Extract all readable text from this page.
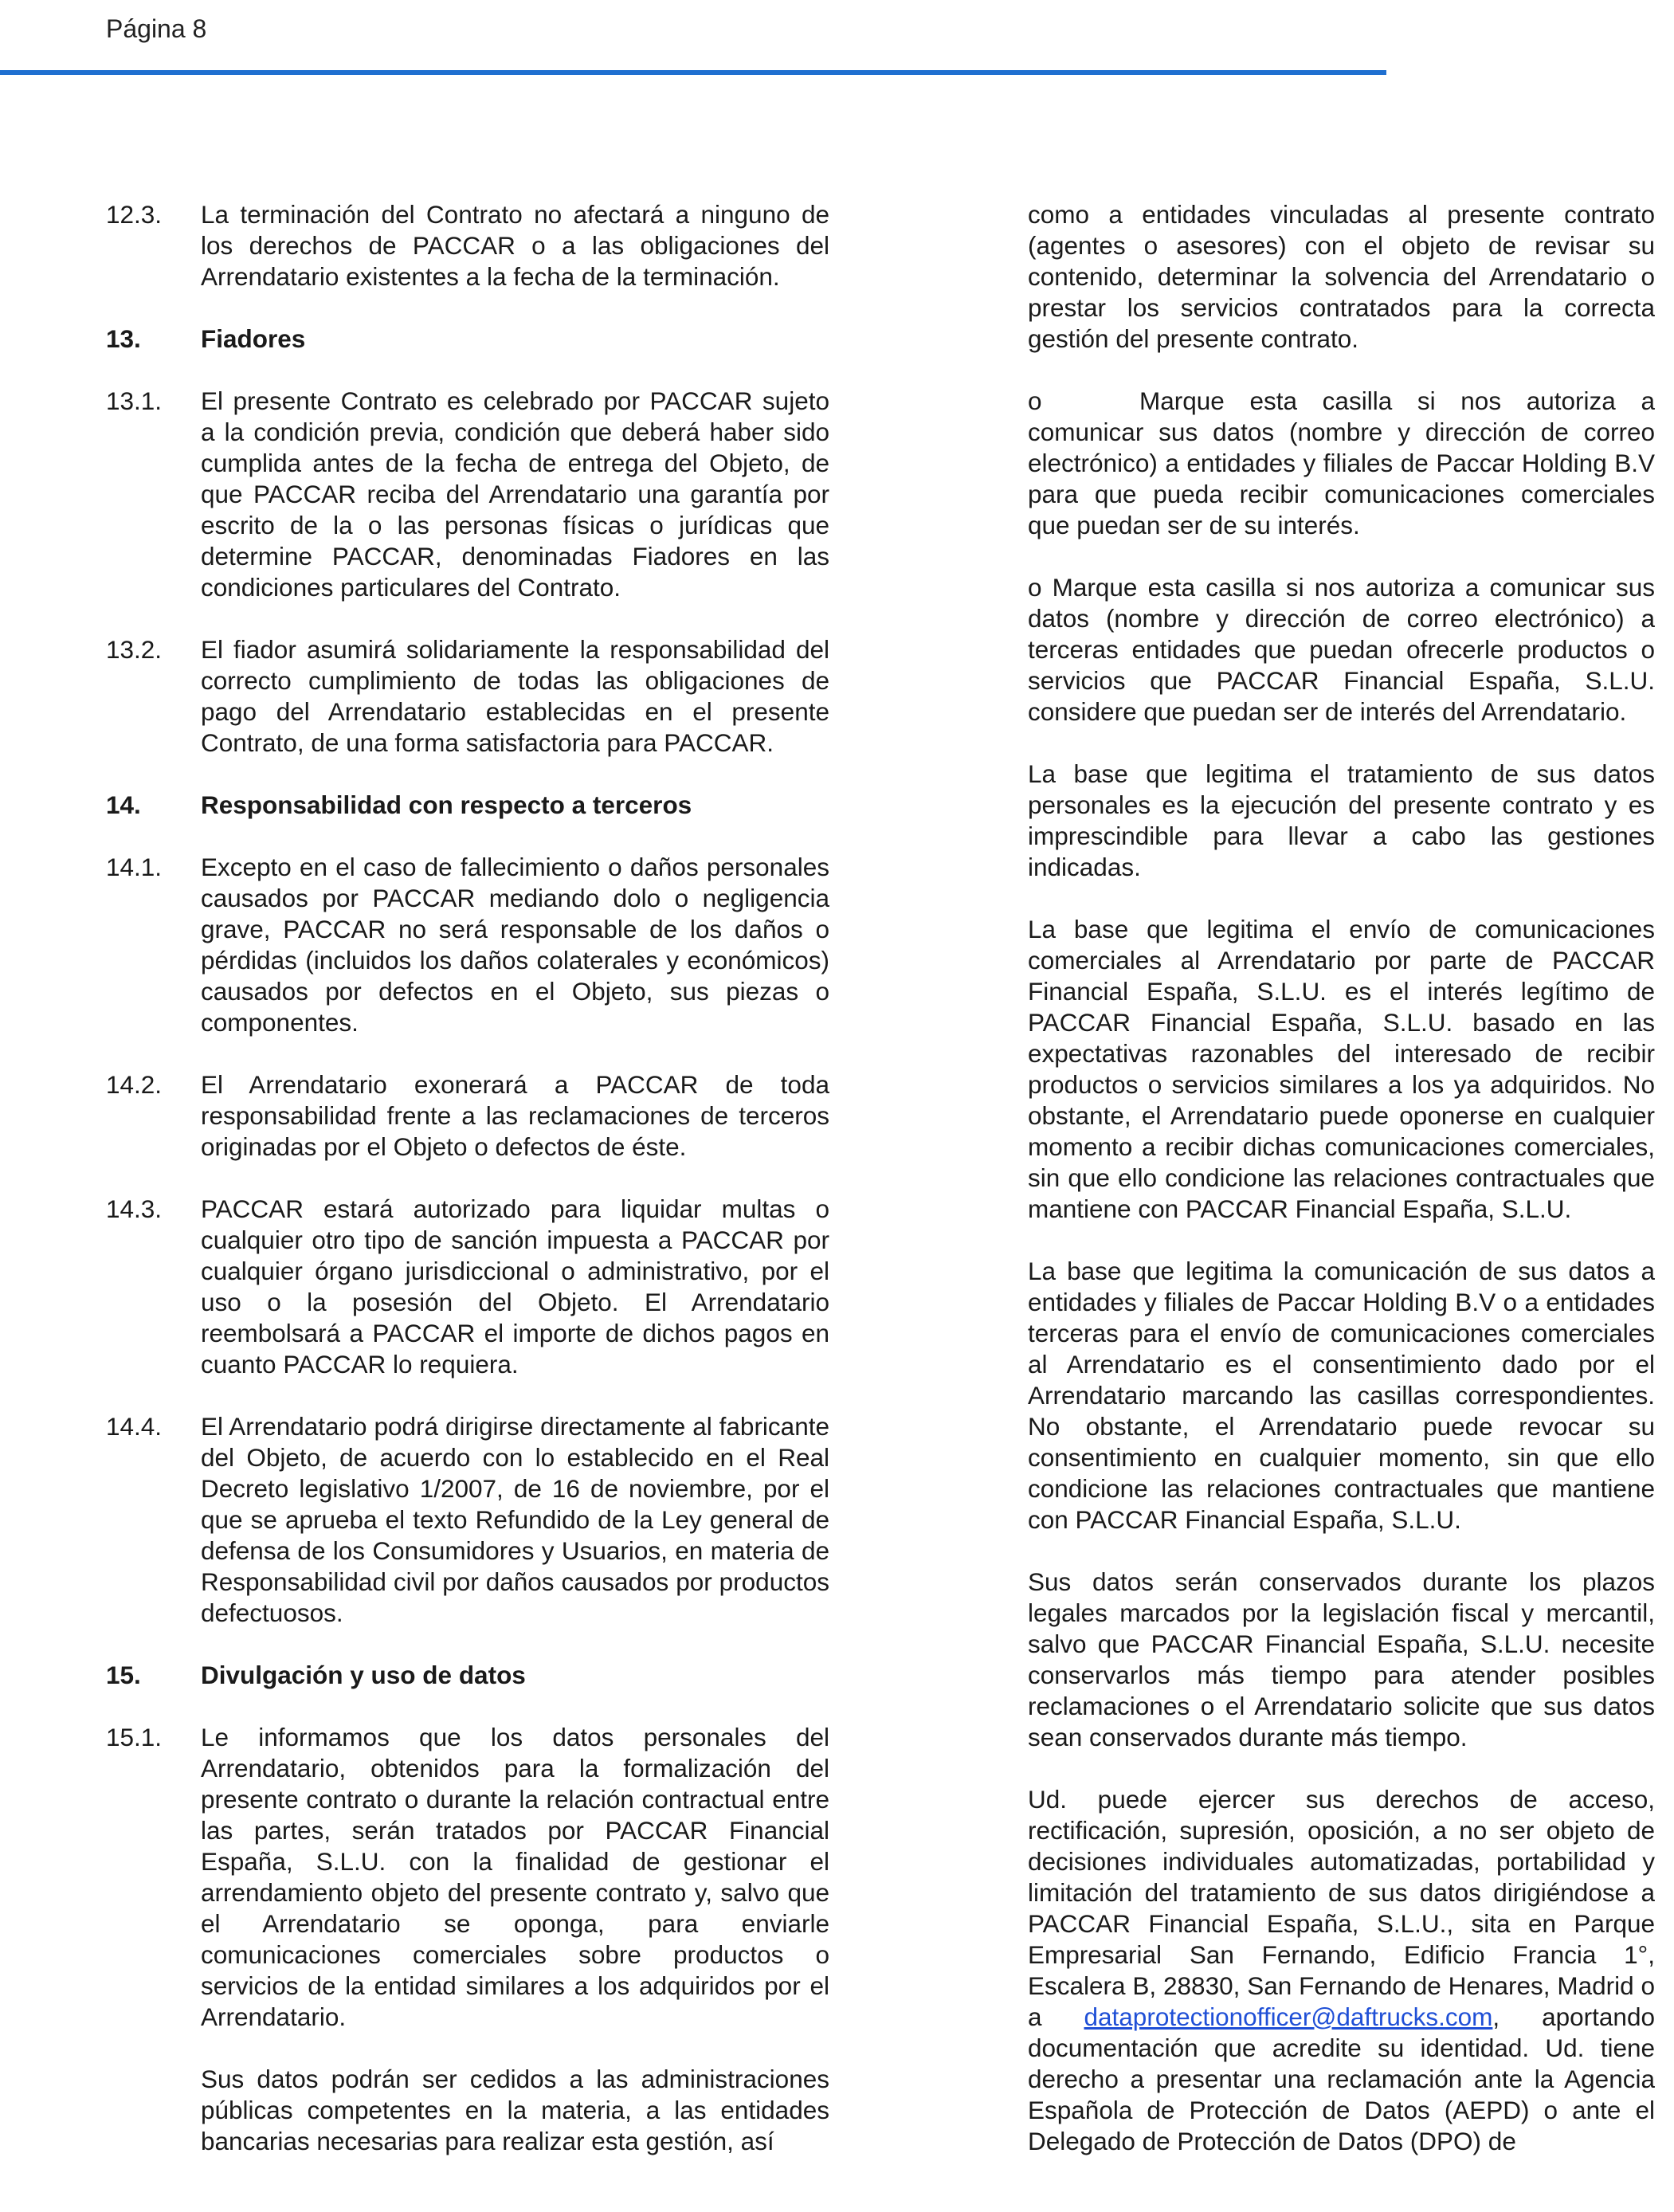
Página 8
12.3.	La terminación del Contrato no afectará a ninguno de los derechos de PACCAR o a las obligaciones del Arrendatario existentes a la fecha de la terminación.

13.	Fiadores
13.1.	El presente Contrato es celebrado por PACCAR sujeto a la condición previa, condición que deberá haber sido cumplida antes de la fecha de entrega del Objeto, de que PACCAR reciba del Arrendatario una garantía por escrito de la o las personas físicas o jurídicas que determine PACCAR, denominadas Fiadores en las condiciones particulares del Contrato.

13.2.	El fiador asumirá solidariamente la responsabilidad del correcto cumplimiento de todas las obligaciones de pago del Arrendatario establecidas en el presente Contrato, de una forma satisfactoria para PACCAR.

14.	Responsabilidad con respecto a terceros
14.1.	Excepto en el caso de fallecimiento o daños personales causados por PACCAR mediando dolo o negligencia grave, PACCAR no será responsable de los daños o pérdidas (incluidos los daños colaterales y económicos) causados por defectos en el Objeto, sus piezas o componentes.

14.2.	El Arrendatario exonerará a PACCAR de toda responsabilidad frente a las reclamaciones de terceros originadas por el Objeto o defectos de éste.

14.3.	PACCAR estará autorizado para liquidar multas o cualquier otro tipo de sanción impuesta a PACCAR por cualquier órgano jurisdiccional o administrativo, por el uso o la posesión del Objeto. El Arrendatario reembolsará a PACCAR el importe de dichos pagos en cuanto PACCAR lo requiera.

14.4.	El Arrendatario podrá dirigirse directamente al fabricante del Objeto, de acuerdo con lo establecido en el Real Decreto legislativo 1/2007, de 16 de noviembre, por el que se aprueba el texto Refundido de la Ley general de defensa de los Consumidores y Usuarios, en materia de Responsabilidad civil por daños causados por productos defectuosos.

15.	Divulgación y uso de datos
15.1.	Le informamos que los datos personales del Arrendatario, obtenidos para la formalización del presente contrato o durante la relación contractual entre las partes, serán tratados por PACCAR Financial España, S.L.U. con la finalidad de gestionar el arrendamiento objeto del presente contrato y, salvo que el Arrendatario se oponga, para enviarle comunicaciones comerciales sobre productos o servicios de la entidad similares a los adquiridos por el Arrendatario.

Sus datos podrán ser cedidos a las administraciones públicas competentes en la materia, a las entidades bancarias necesarias para realizar esta gestión, así

como a entidades vinculadas al presente contrato (agentes o asesores) con el objeto de revisar su contenido, determinar la solvencia del Arrendatario o prestar los servicios contratados para la correcta gestión del presente contrato.

o	Marque esta casilla si nos autoriza a comunicar sus datos (nombre y dirección de correo electrónico) a entidades y filiales de Paccar Holding B.V para que pueda recibir comunicaciones comerciales que puedan ser de su interés.

o Marque esta casilla si nos autoriza a comunicar sus datos (nombre y dirección de correo electrónico) a terceras entidades que puedan ofrecerle productos o servicios que PACCAR Financial España, S.L.U. considere que puedan ser de interés del Arrendatario.

La base que legitima el tratamiento de sus datos personales es la ejecución del presente contrato y es imprescindible para llevar a cabo las gestiones indicadas.

La base que legitima el envío de comunicaciones comerciales al Arrendatario por parte de PACCAR Financial España, S.L.U. es el interés legítimo de PACCAR Financial España, S.L.U. basado en las expectativas razonables del interesado de recibir productos o servicios similares a los ya adquiridos. No obstante, el Arrendatario puede oponerse en cualquier momento a recibir dichas comunicaciones comerciales, sin que ello condicione las relaciones contractuales que mantiene con PACCAR Financial España, S.L.U.

La base que legitima la comunicación de sus datos a entidades y filiales de Paccar Holding B.V o a entidades terceras para el envío de comunicaciones comerciales al Arrendatario es el consentimiento dado por el Arrendatario marcando las casillas correspondientes. No obstante, el Arrendatario puede revocar su consentimiento en cualquier momento, sin que ello condicione las relaciones contractuales que mantiene con PACCAR Financial España, S.L.U.

Sus datos serán conservados durante los plazos legales marcados por la legislación fiscal y mercantil, salvo que PACCAR Financial España, S.L.U. necesite conservarlos más tiempo para atender posibles reclamaciones o el Arrendatario solicite que sus datos sean conservados durante más tiempo.

Ud. puede ejercer sus derechos de acceso, rectificación, supresión, oposición, a no ser objeto de decisiones individuales automatizadas, portabilidad y limitación del tratamiento de sus datos dirigiéndose a PACCAR Financial España, S.L.U., sita en Parque Empresarial San Fernando, Edificio Francia 1°, Escalera B, 28830, San Fernando de Henares, Madrid o a dataprotectionofficer@daftrucks.com, aportando documentación que acredite su identidad. Ud. tiene derecho a presentar una reclamación ante la Agencia Española de Protección de Datos (AEPD) o ante el Delegado de Protección de Datos (DPO) de
